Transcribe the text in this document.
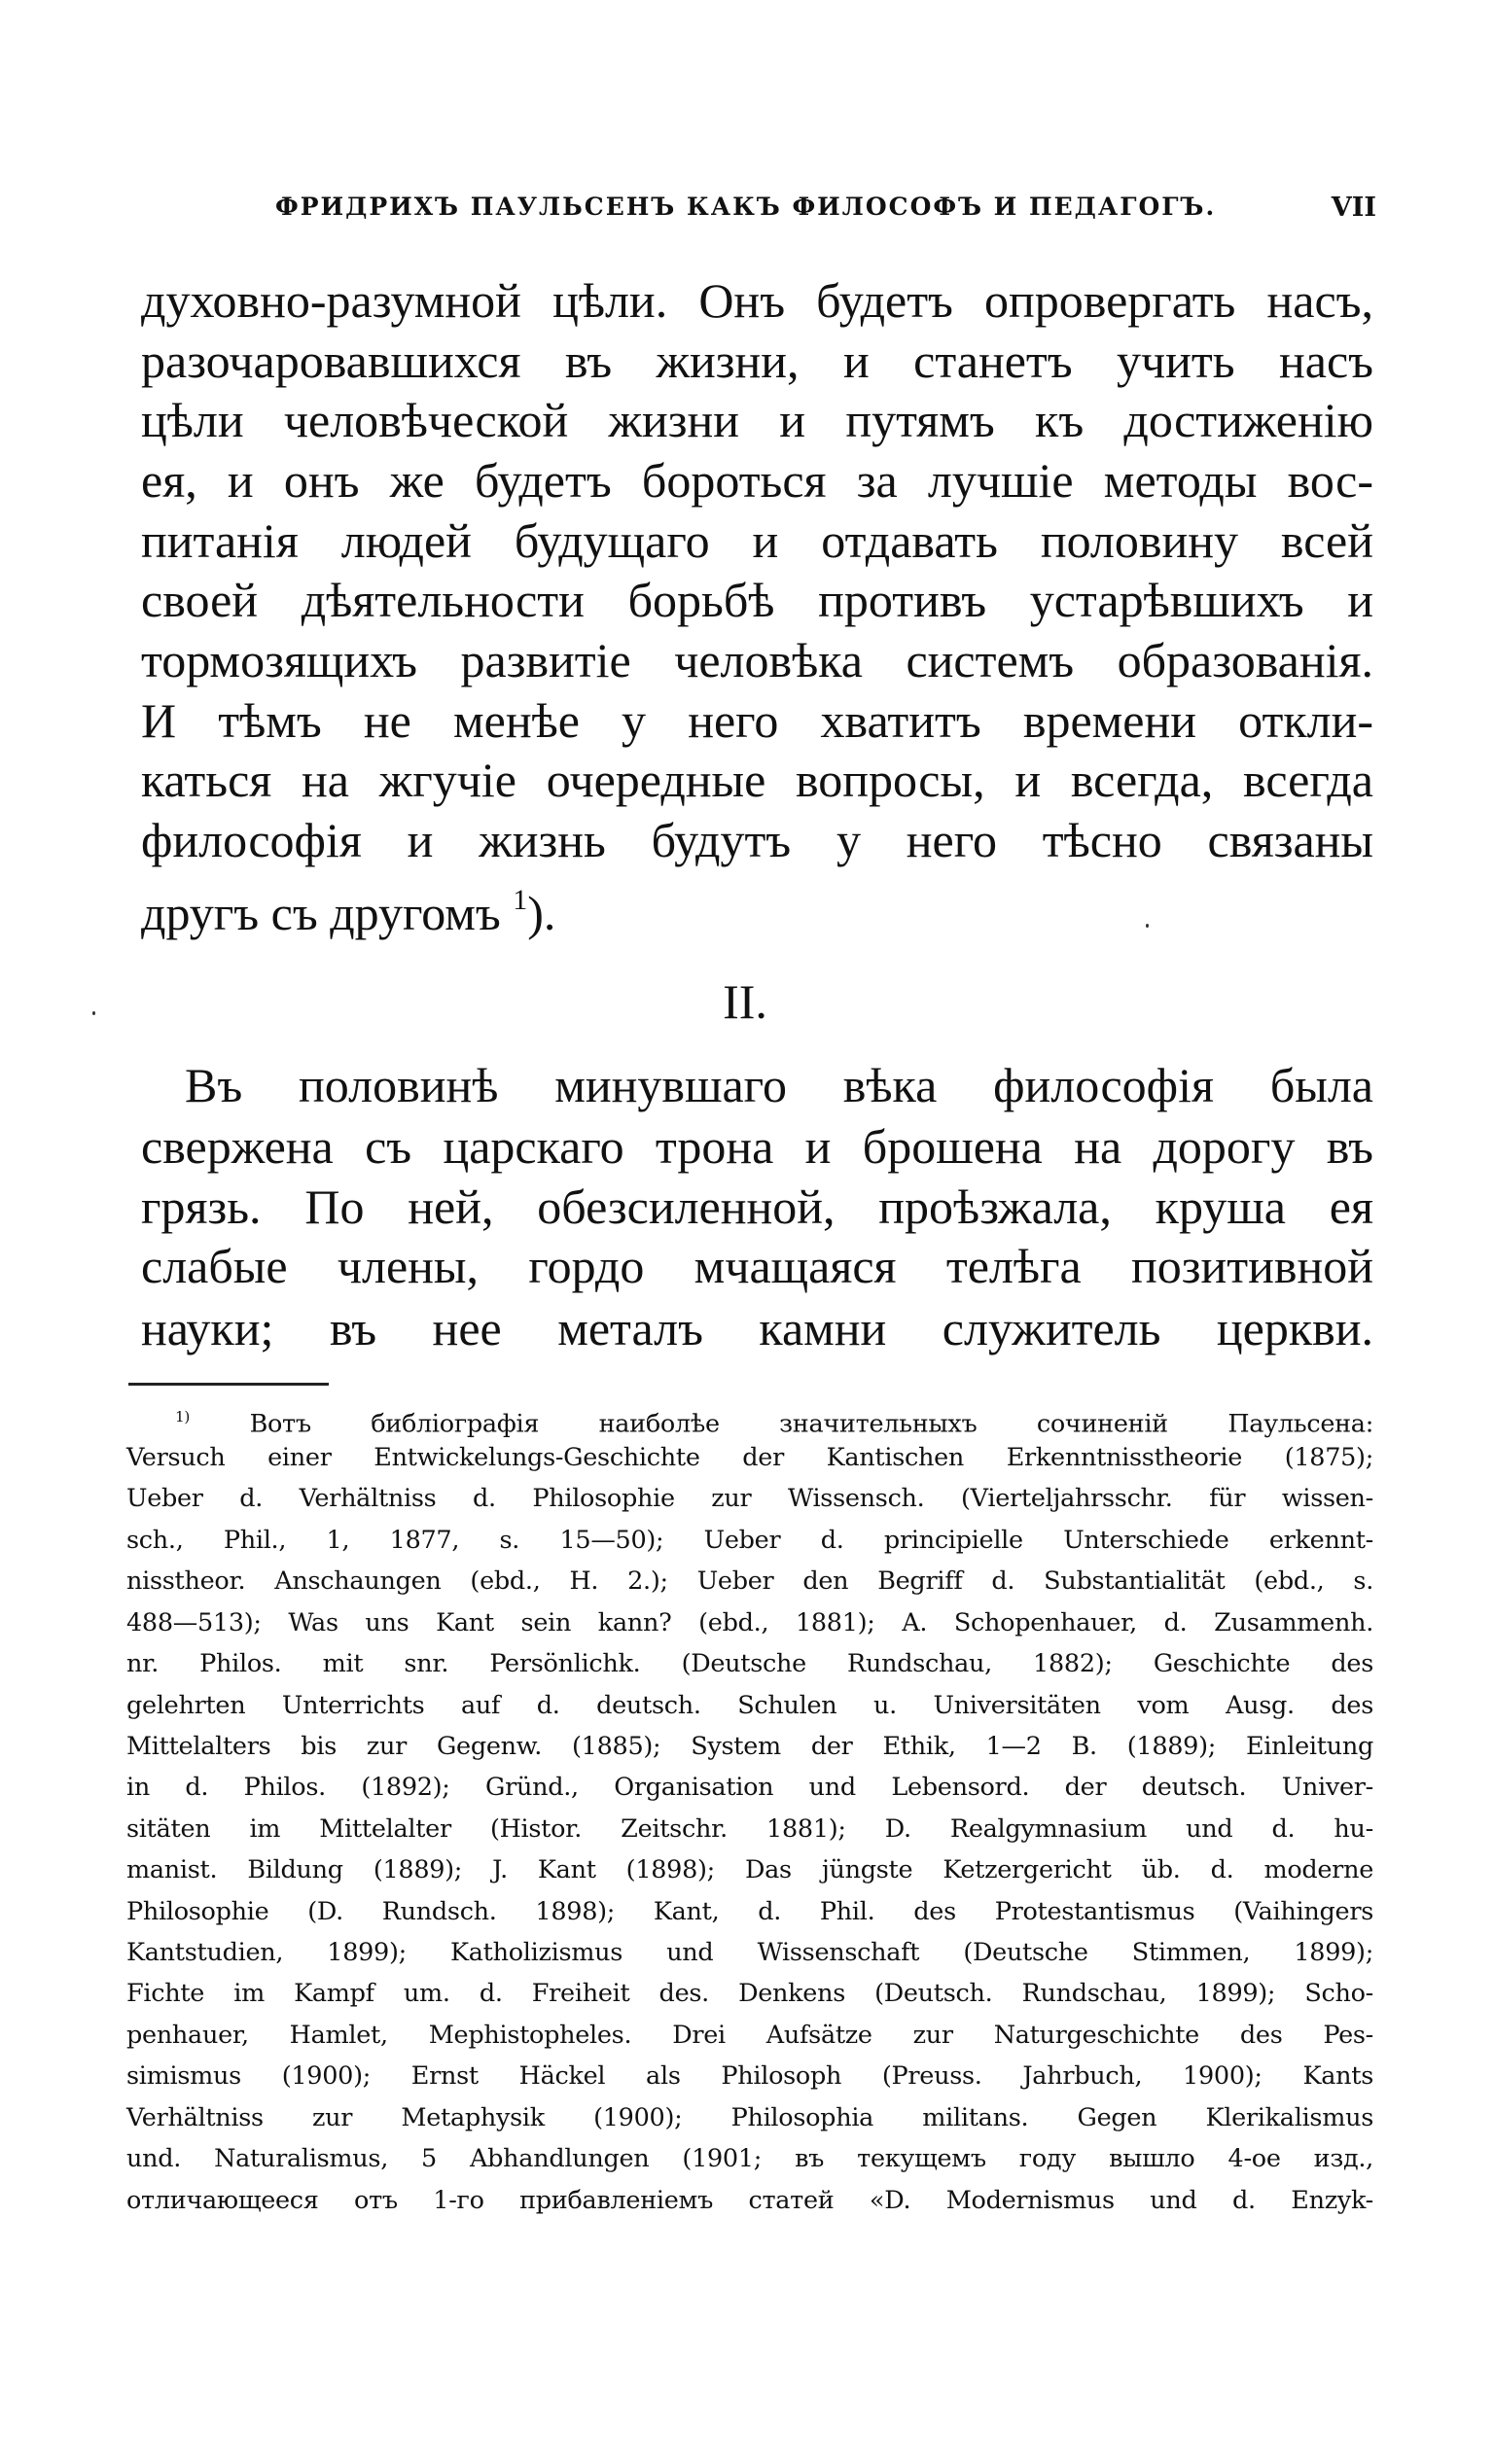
ФРИДРИХЪ ПАУЛЬСЕНЪ КАКЪ ФИЛОСОФЪ И ПЕДАГОГЪ.	VII
духовно-разумной цѣли. Онъ будетъ опровергать насъ,
разочаровавшихся въ жизни, и станетъ учить насъ
цѣли человѣческой жизни и путямъ къ достиженію
ея, и онъ же будетъ бороться за лучшіе методы вос-
питанія людей будущаго и отдавать половину всей
своей дѣятельности борьбѣ противъ устарѣвшихъ и
тормозящихъ развитіе человѣка системъ образованія.
И тѣмъ не менѣе у него хватитъ времени откли-
каться на жгучіе очередные вопросы, и всегда, всегда
философія и жизнь будутъ у него тѣсно связаны
другъ съ другомъ $^1$).
II.
Въ половинѣ минувшаго вѣка философія была
свержена съ царскаго трона и брошена на дорогу въ
грязь. По ней, обезсиленной, проѣзжала, круша ея
слабые члены, гордо мчащаяся телѣга позитивной
науки; въ нее металъ камни служитель церкви.
$^{1)}$ Вотъ библіографія наиболѣе значительныхъ сочиненій Паульсена:
Versuch einer Entwickelungs-Geschichte der Kantischen Erkenntnisstheorie (1875);
Ueber d. Verhältniss d. Philosophie zur Wissensch. (Vierteljahrsschr. für wissen-
sch., Phil., 1, 1877, s. 15—50); Ueber d. principielle Unterschiede erkennt-
nisstheor. Anschaungen (ebd., H. 2.); Ueber den Begriff d. Substantialität (ebd., s.
488—513); Was uns Kant sein kann? (ebd., 1881); A. Schopenhauer, d. Zusammenh.
nr. Philos. mit snr. Persönlichk. (Deutsche Rundschau, 1882); Geschichte des
gelehrten Unterrichts auf d. deutsch. Schulen u. Universitäten vom Ausg. des
Mittelalters bis zur Gegenw. (1885); System der Ethik, 1—2 B. (1889); Einleitung
in d. Philos. (1892); Gründ., Organisation und Lebensord. der deutsch. Univer-
sitäten im Mittelalter (Histor. Zeitschr. 1881); D. Realgymnasium und d. hu-
manist. Bildung (1889); J. Kant (1898); Das jüngste Ketzergericht üb. d. moderne
Philosophie (D. Rundsch. 1898); Kant, d. Phil. des Protestantismus (Vaihingers
Kantstudien, 1899); Katholizismus und Wissenschaft (Deutsche Stimmen, 1899);
Fichte im Kampf um. d. Freiheit des. Denkens (Deutsch. Rundschau, 1899); Scho-
penhauer, Hamlet, Mephistopheles. Drei Aufsätze zur Naturgeschichte des Pes-
simismus (1900); Ernst Häckel als Philosoph (Preuss. Jahrbuch, 1900); Kants
Verhältniss zur Metaphysik (1900); Philosophia militans. Gegen Klerikalismus
und. Naturalismus, 5 Abhandlungen (1901; въ текущемъ году вышло 4-ое изд.,
отличающееся отъ 1-го прибавленіемъ статей «D. Modernismus und d. Enzyk-
